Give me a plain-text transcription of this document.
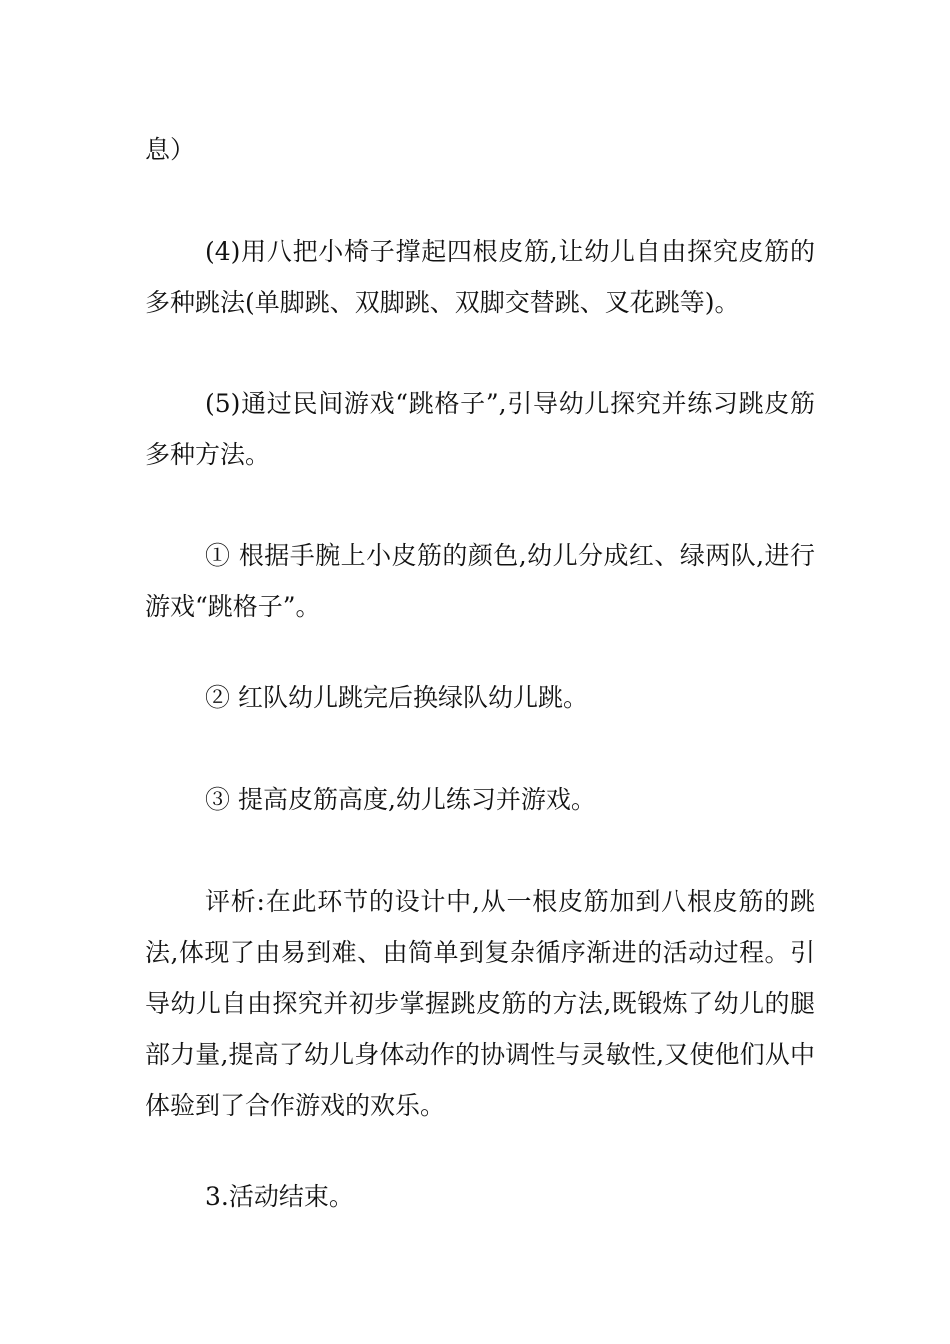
息）

(4)用八把小椅子撑起四根皮筋,让幼儿自由探究皮筋的多种跳法(单脚跳、双脚跳、双脚交替跳、叉花跳等)。

(5)通过民间游戏“跳格子”,引导幼儿探究并练习跳皮筋多种方法。

① 根据手腕上小皮筋的颜色,幼儿分成红、绿两队,进行游戏“跳格子”。

② 红队幼儿跳完后换绿队幼儿跳。

③ 提高皮筋高度,幼儿练习并游戏。

评析:在此环节的设计中,从一根皮筋加到八根皮筋的跳法,体现了由易到难、由简单到复杂循序渐进的活动过程。引导幼儿自由探究并初步掌握跳皮筋的方法,既锻炼了幼儿的腿部力量,提高了幼儿身体动作的协调性与灵敏性,又使他们从中体验到了合作游戏的欢乐。

3.活动结束。
